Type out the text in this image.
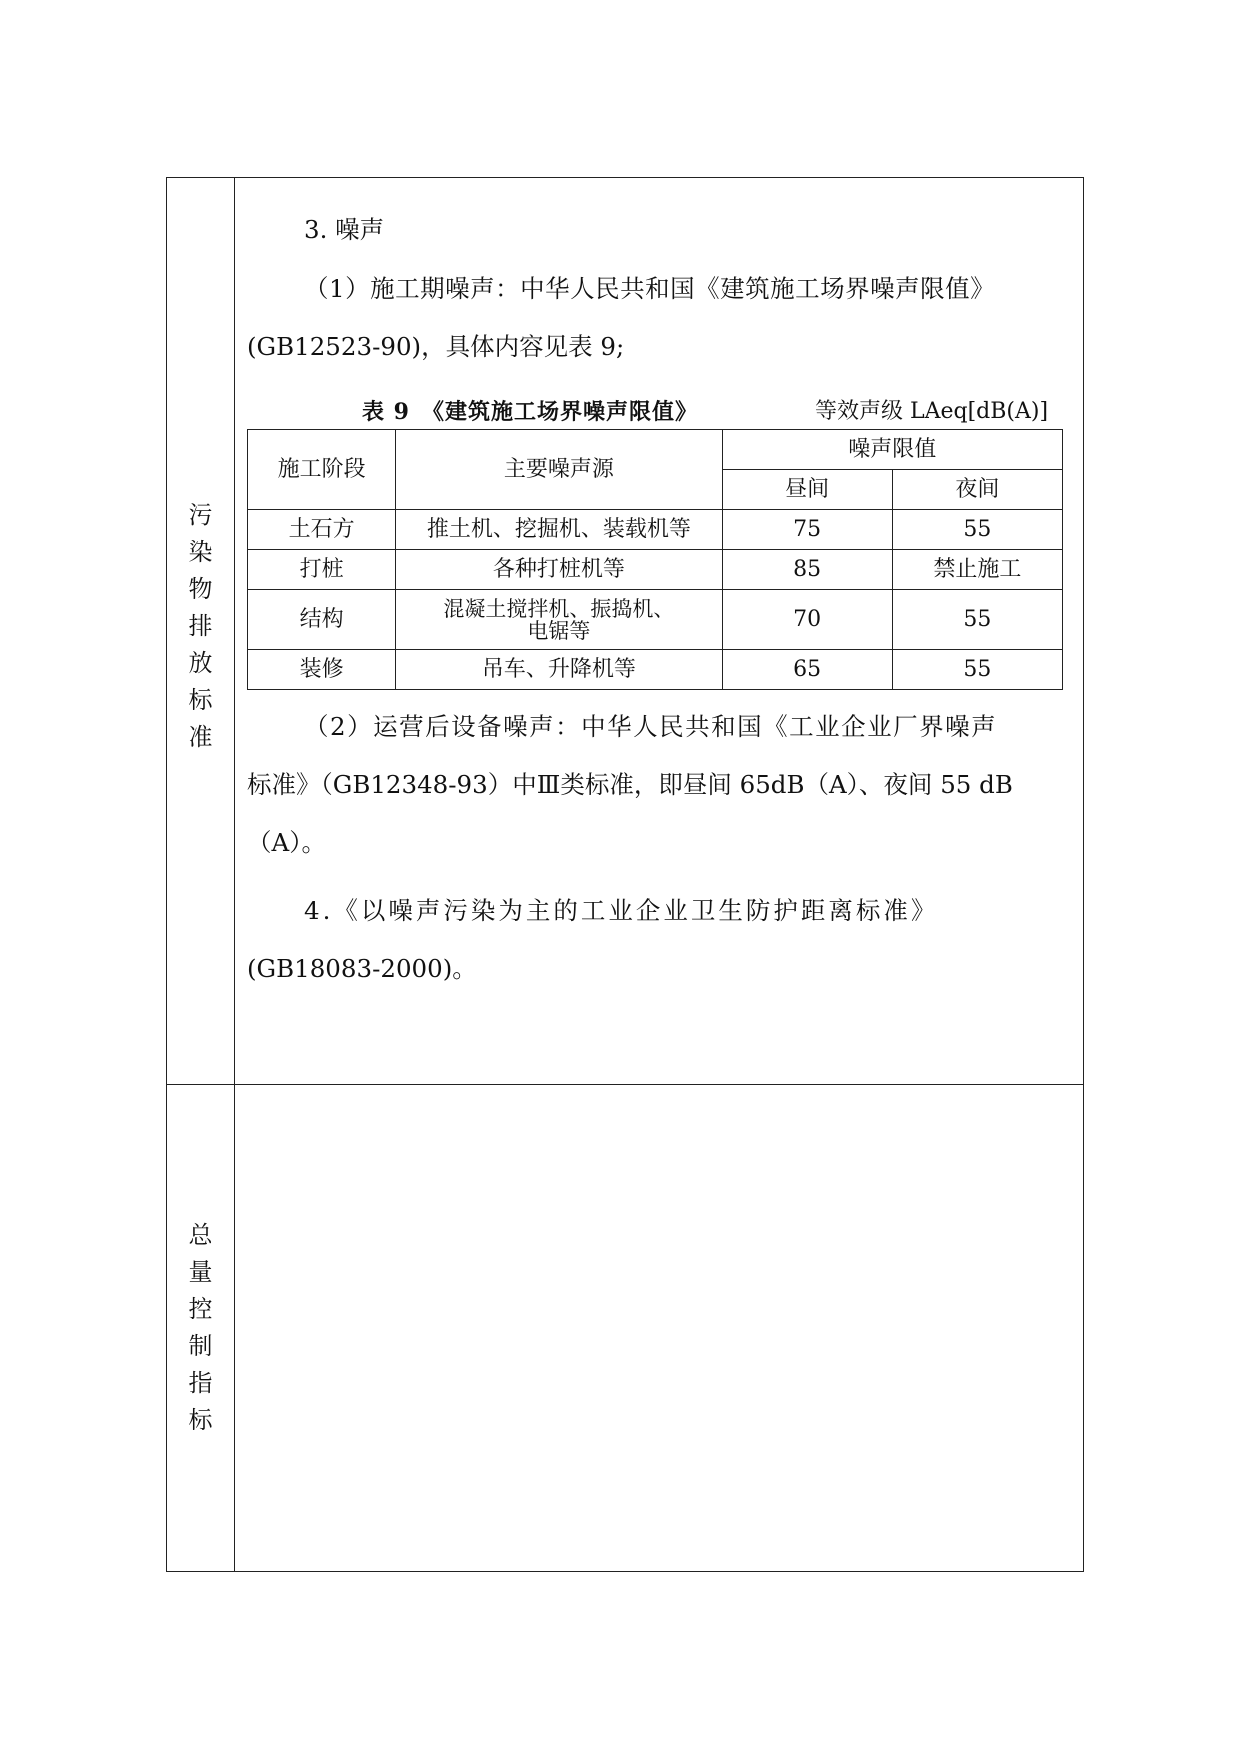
污
染
物
排
放
标
准
总
量
控
制
指
标
3. 噪声
（1）施工期噪声：中华人民共和国《建筑施工场界噪声限值》
(GB12523-90)，具体内容见表 9;
表 9　《建筑施工场界噪声限值》	等效声级 LAeq[dB(A)]
施工阶段	主要噪声源	噪声限值	
		昼间	夜间
土石方	推土机、挖掘机、装载机等	75	55
打桩	各种打桩机等	85	禁止施工
结构	混凝土搅拌机、振捣机、
电锯等	70	55
装修	吊车、升降机等	65	55
（2）运营后设备噪声：中华人民共和国《工业企业厂界噪声
标准》（GB12348-93）中Ⅲ类标准，即昼间 65dB（A）、夜间 55 dB
（A）。
4.《以噪声污染为主的工业企业卫生防护距离标准》
(GB18083-2000)。
